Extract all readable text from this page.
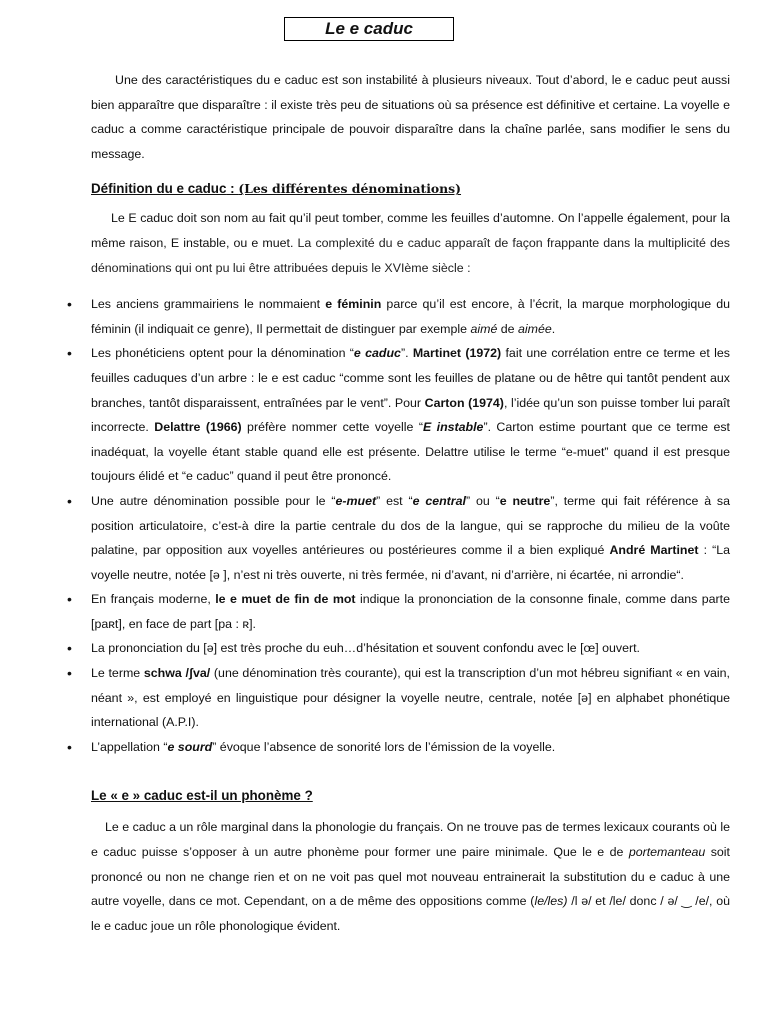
Le e caduc

Une des caractéristiques du e caduc est son instabilité à plusieurs niveaux. Tout d’abord, le e caduc peut aussi bien apparaître que disparaître : il existe très peu de situations où sa présence est définitive et certaine. La voyelle e caduc a comme caractéristique principale de pouvoir disparaître dans la chaîne parlée, sans modifier le sens du message.

Définition du e caduc : (Les différentes dénominations)

Le E caduc doit son nom au fait qu’il peut tomber, comme les feuilles d’automne. On l’appelle également, pour la même raison, E instable, ou e muet. La complexité du e caduc apparaît de façon frappante dans la multiplicité des dénominations qui ont pu lui être attribuées depuis le XVIème siècle :

• Les anciens grammairiens le nommaient e féminin parce qu’il est encore, à l’écrit, la marque morphologique du féminin (il indiquait ce genre), Il permettait de distinguer par exemple aimé de aimée.
• Les phonéticiens optent pour la dénomination “e caduc”. Martinet (1972) fait une corrélation entre ce terme et les feuilles caduques d’un arbre : le e est caduc “comme sont les feuilles de platane ou de hêtre qui tantôt pendent aux branches, tantôt disparaissent, entraînées par le vent”. Pour Carton (1974), l’idée qu’un son puisse tomber lui paraît incorrecte. Delattre (1966) préfère nommer cette voyelle “E instable”. Carton estime pourtant que ce terme est inadéquat, la voyelle étant stable quand elle est présente. Delattre utilise le terme “e-muet” quand il est presque toujours élidé et “e caduc” quand il peut être prononcé.
• Une autre dénomination possible pour le “e-muet” est “e central” ou “e neutre”, terme qui fait référence à sa position articulatoire, c’est-à dire la partie centrale du dos de la langue, qui se rapproche du milieu de la voûte palatine, par opposition aux voyelles antérieures ou postérieures comme il a bien expliqué André Martinet : “La voyelle neutre, notée [ə ], n’est ni très ouverte, ni très fermée, ni d’avant, ni d’arrière, ni écartée, ni arrondie“.
• En français moderne, le e muet de fin de mot indique la prononciation de la consonne finale, comme dans parte [paʀt], en face de part [pa : ʀ].
• La prononciation du [ə] est très proche du euh…d’hésitation et souvent confondu avec le [œ] ouvert.
• Le terme schwa /ʃva/ (une dénomination très courante), qui est la transcription d’un mot hébreu signifiant « en vain, néant », est employé en linguistique pour désigner la voyelle neutre, centrale, notée [ə] en alphabet phonétique international (A.P.I).
• L’appellation “e sourd” évoque l’absence de sonorité lors de l’émission de la voyelle.
Le « e » caduc est-il un phonème ?

Le e caduc a un rôle marginal dans la phonologie du français. On ne trouve pas de termes lexicaux courants où le e caduc puisse s’opposer à un autre phonème pour former une paire minimale. Que le e de portemanteau soit prononcé ou non ne change rien et on ne voit pas quel mot nouveau entrainerait la substitution du e caduc à une autre voyelle, dans ce mot. Cependant, on a de même des oppositions comme (le/les) /l ə/ et /le/ donc / ə/ ‿ /e/, où le e caduc joue un rôle phonologique évident.
